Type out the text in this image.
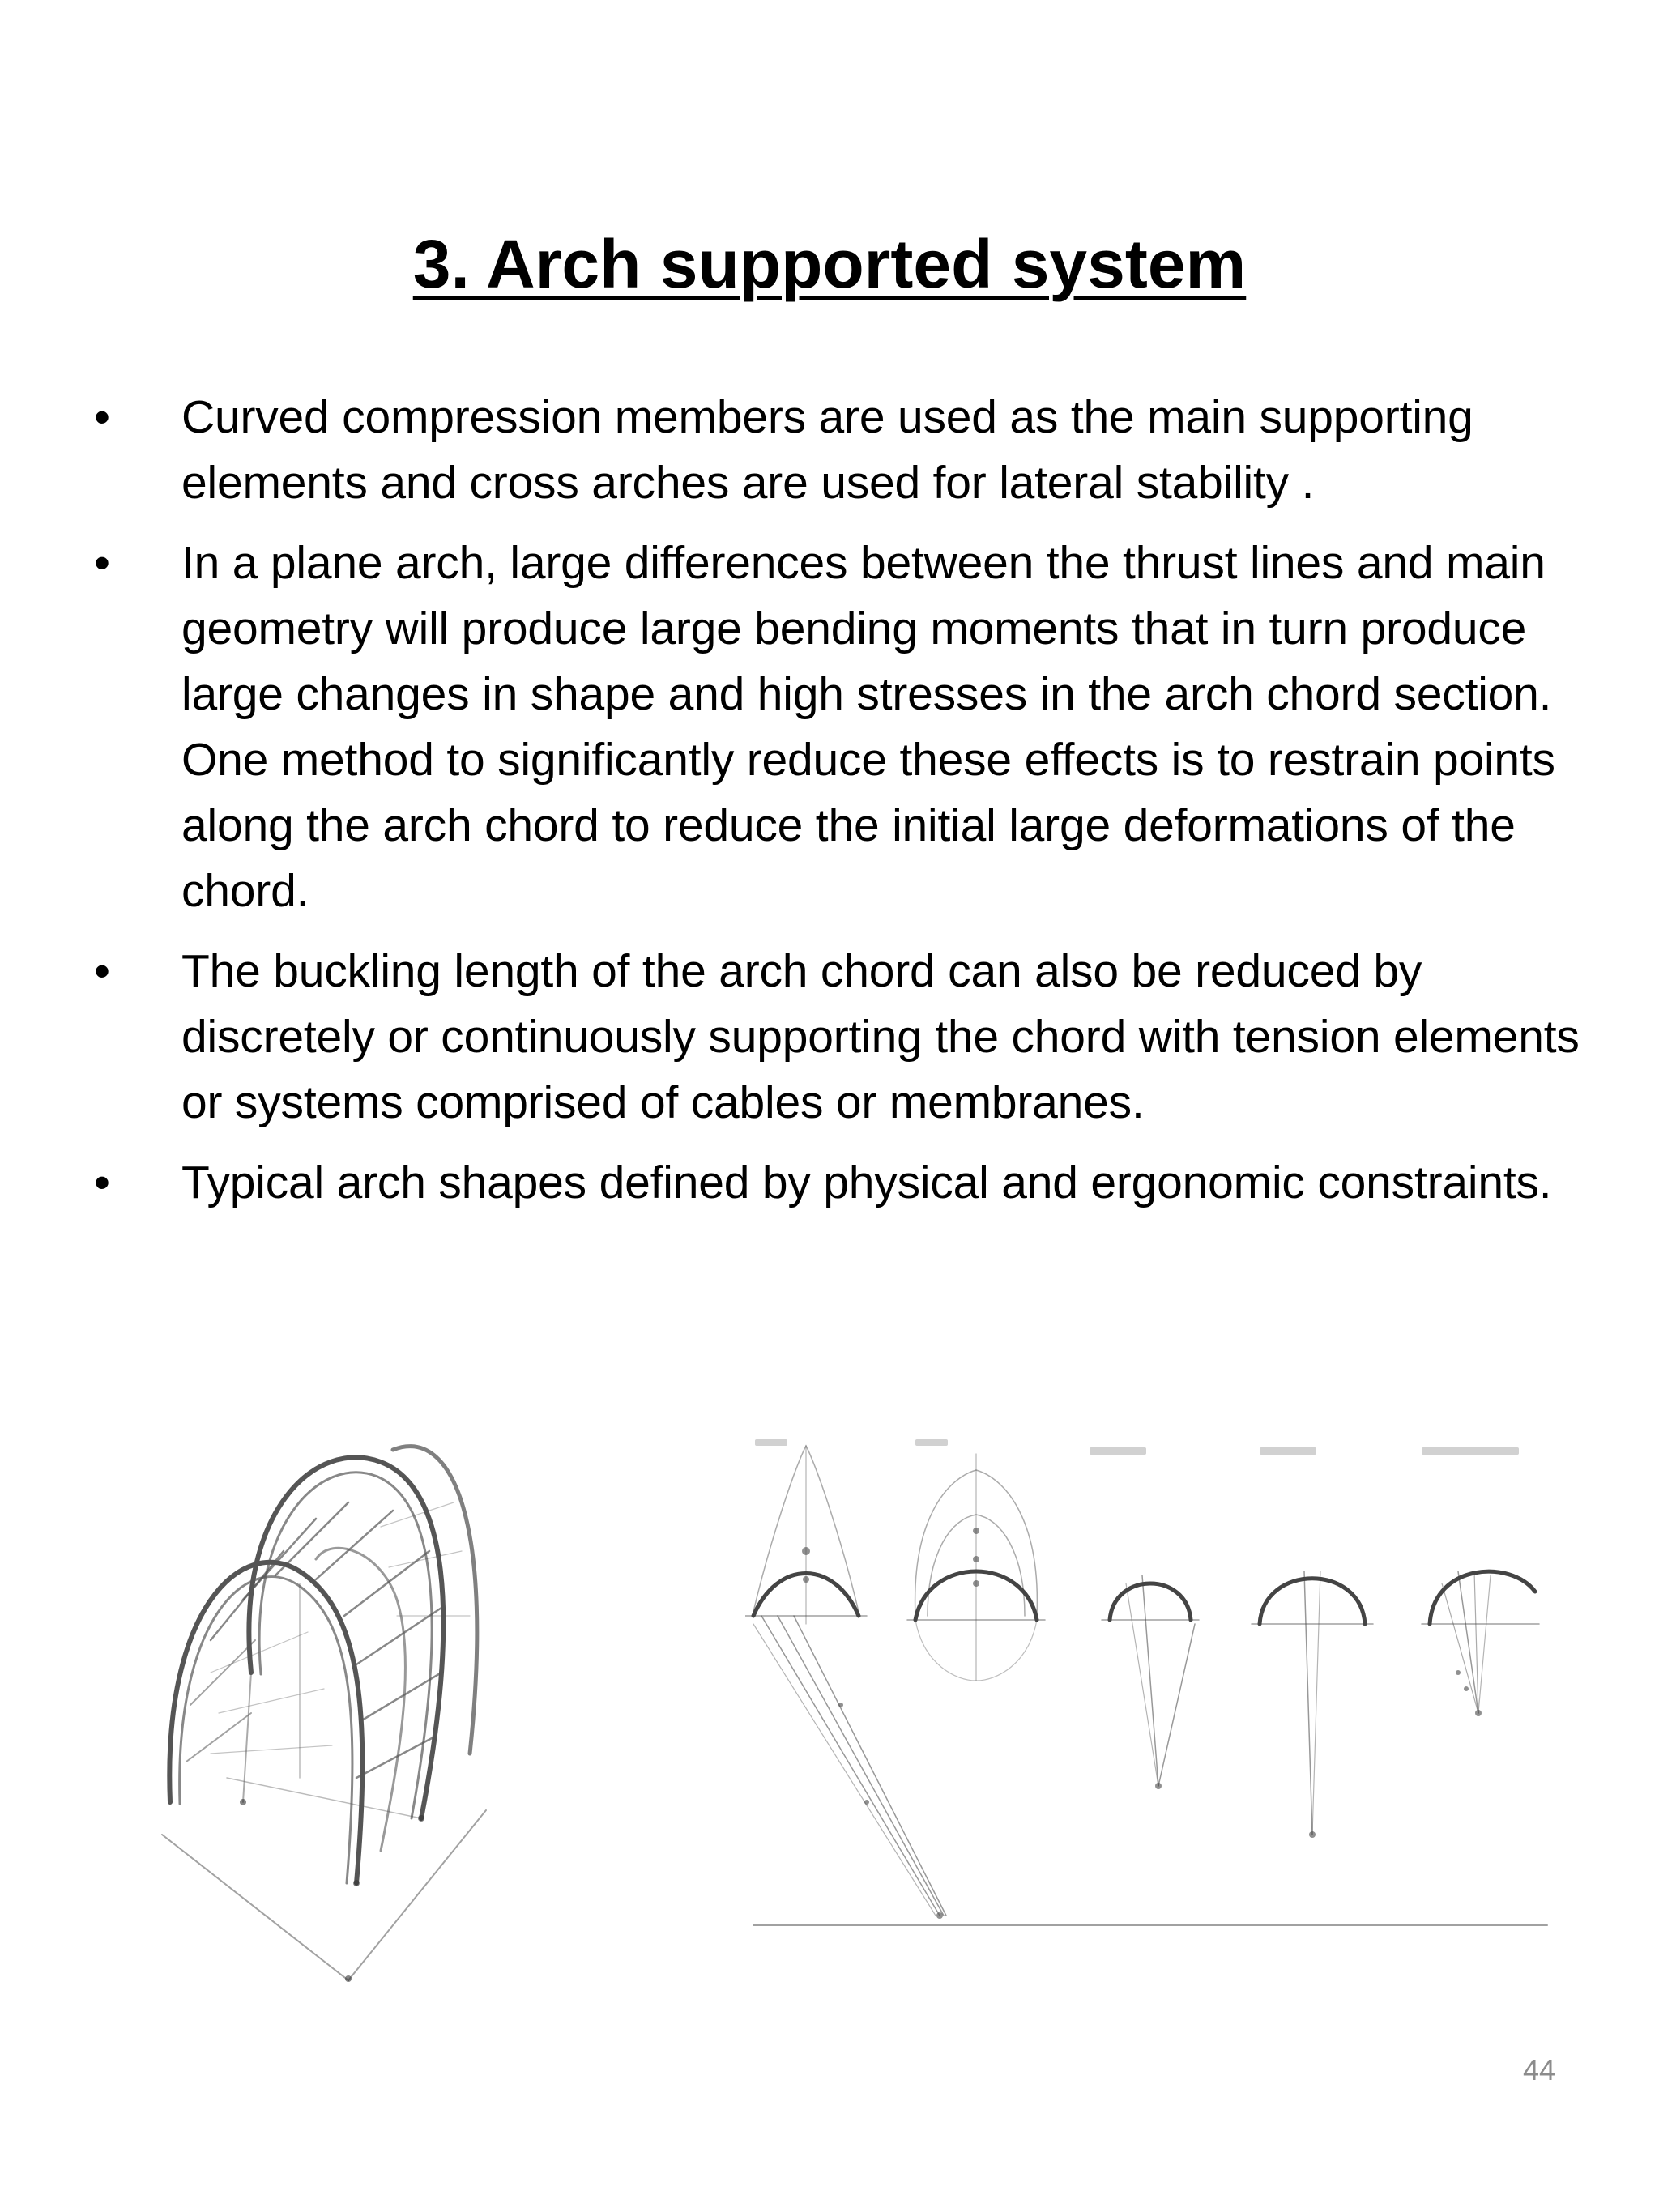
3. Arch supported system
• Curved compression members are used as the main supporting elements and cross arches are used for lateral stability .
• In a plane arch, large differences between the thrust lines and main geometry will produce large bending moments that in turn produce large changes in shape and high stresses in the arch chord section. One method to significantly reduce these effects is to restrain points along the arch chord to reduce the initial large deformations of the chord.
• The buckling length of the arch chord can also be reduced by discretely or continuously supporting the chord with tension elements or systems comprised of cables or membranes.
• Typical arch shapes defined by physical and ergonomic constraints.
44
